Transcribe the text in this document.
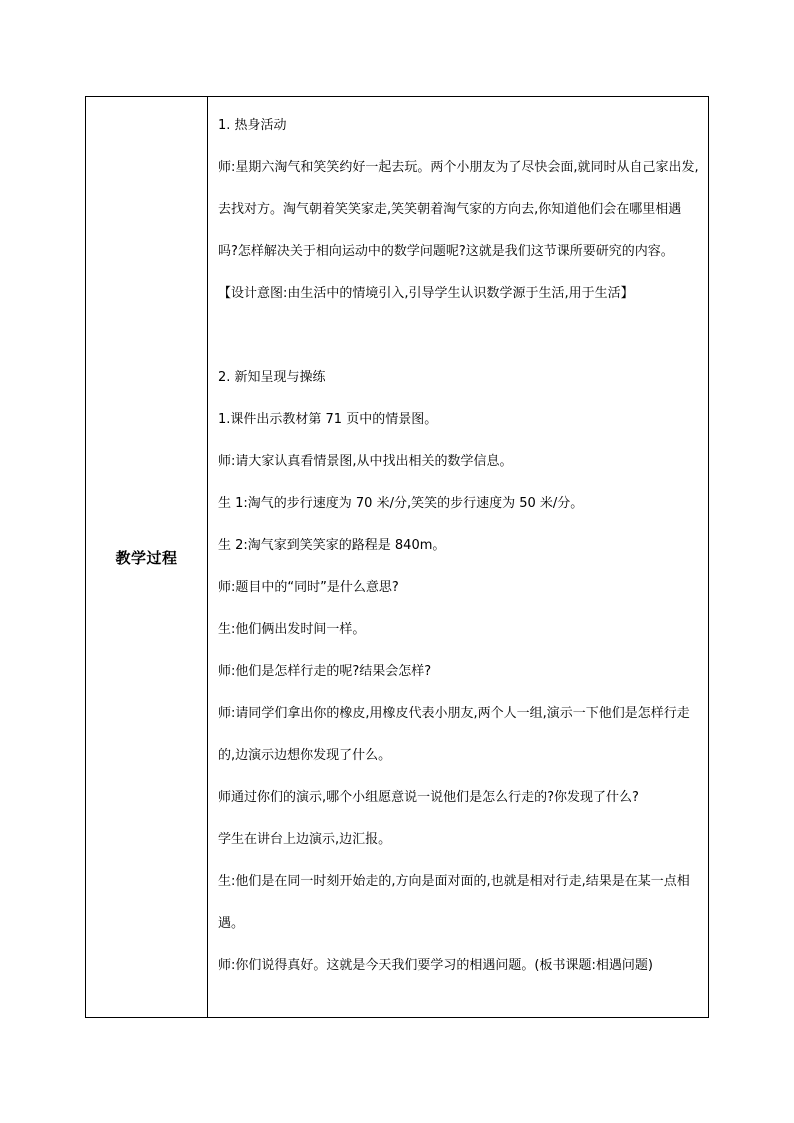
教学过程

1. 热身活动

师:星期六淘气和笑笑约好一起去玩。两个小朋友为了尽快会面,就同时从自己家出发,去找对方。淘气朝着笑笑家走,笑笑朝着淘气家的方向去,你知道他们会在哪里相遇吗?怎样解决关于相向运动中的数学问题呢?这就是我们这节课所要研究的内容。

【设计意图:由生活中的情境引入,引导学生认识数学源于生活,用于生活】

2. 新知呈现与操练

1.课件出示教材第 71 页中的情景图。

师:请大家认真看情景图,从中找出相关的数学信息。

生 1:淘气的步行速度为 70 米/分,笑笑的步行速度为 50 米/分。

生 2:淘气家到笑笑家的路程是 840m。

师:题目中的“同时”是什么意思?

生:他们俩出发时间一样。

师:他们是怎样行走的呢?结果会怎样?

师:请同学们拿出你的橡皮,用橡皮代表小朋友,两个人一组,演示一下他们是怎样行走的,边演示边想你发现了什么。

师通过你们的演示,哪个小组愿意说一说他们是怎么行走的?你发现了什么?

学生在讲台上边演示,边汇报。

生:他们是在同一时刻开始走的,方向是面对面的,也就是相对行走,结果是在某一点相遇。

师:你们说得真好。这就是今天我们要学习的相遇问题。(板书课题:相遇问题)
